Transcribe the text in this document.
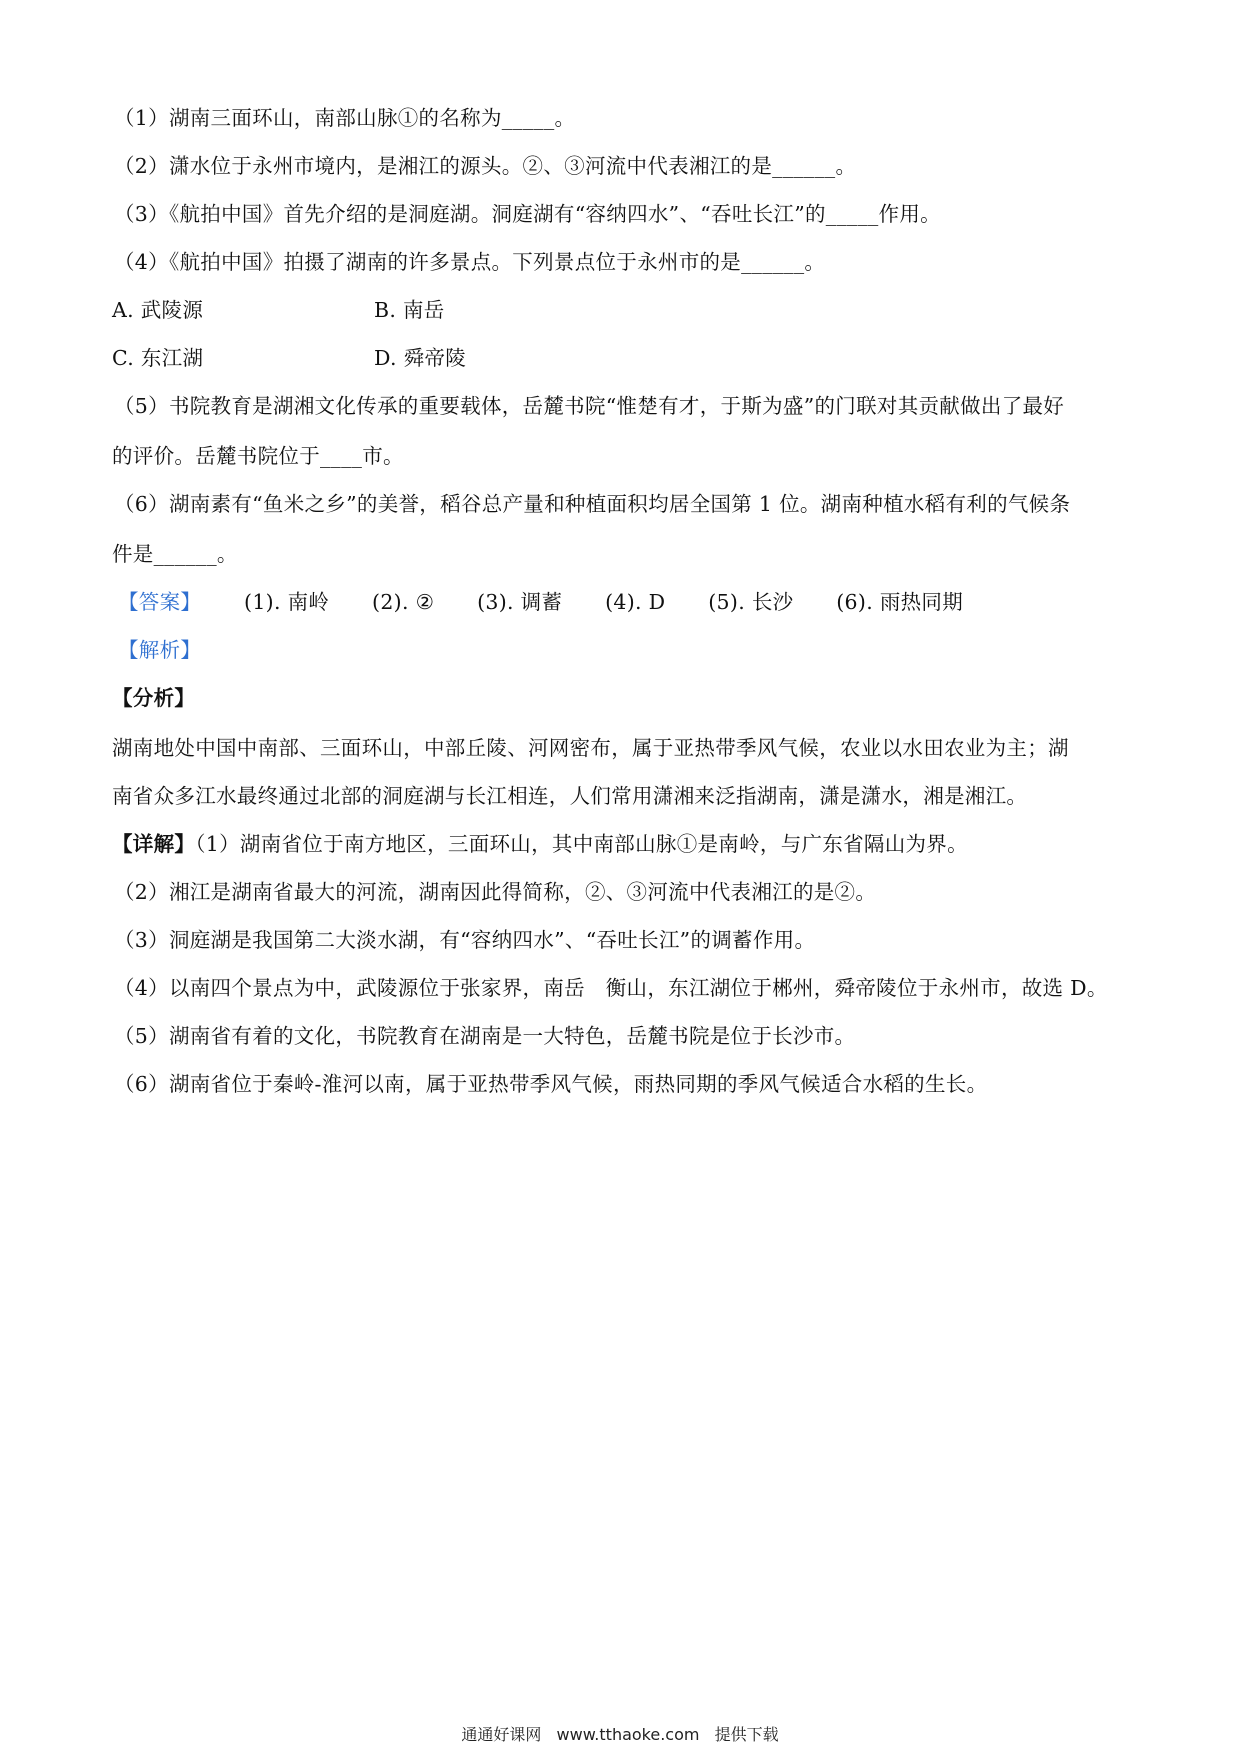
（1）湖南三面环山，南部山脉①的名称为_____。
（2）潇水位于永州市境内，是湘江的源头。②、③河流中代表湘江的是______。
（3）《航拍中国》首先介绍的是洞庭湖。洞庭湖有“容纳四水”、“吞吐长江”的_____作用。
（4）《航拍中国》拍摄了湖南的许多景点。下列景点位于永州市的是______。
A. 武陵源	B. 南岳
C. 东江湖	D. 舜帝陵
（5）书院教育是湖湘文化传承的重要载体，岳麓书院“惟楚有才，于斯为盛”的门联对其贡献做出了最好
的评价。岳麓书院位于____市。
（6）湖南素有“鱼米之乡”的美誉，稻谷总产量和种植面积均居全国第 1 位。湖南种植水稻有利的气候条
件是______。
【答案】 (1). 南岭 (2). ② (3). 调蓄 (4). D (5). 长沙 (6). 雨热同期
【解析】
【分析】
湖南地处中国中南部、三面环山，中部丘陵、河网密布，属于亚热带季风气候，农业以水田农业为主；湖
南省众多江水最终通过北部的洞庭湖与长江相连，人们常用潇湘来泛指湖南，潇是潇水，湘是湘江。
【详解】（1）湖南省位于南方地区，三面环山，其中南部山脉①是南岭，与广东省隔山为界。
（2）湘江是湖南省最大的河流，湖南因此得简称，②、③河流中代表湘江的是②。
（3）洞庭湖是我国第二大淡水湖，有“容纳四水”、“吞吐长江”的调蓄作用。
（4）以南四个景点为中，武陵源位于张家界，南岳　衡山，东江湖位于郴州，舜帝陵位于永州市，故选 D。
（5）湖南省有着的文化，书院教育在湖南是一大特色，岳麓书院是位于长沙市。
（6）湖南省位于秦岭-淮河以南，属于亚热带季风气候，雨热同期的季风气候适合水稻的生长。
通通好课网 www.tthaoke.com 提供下载
